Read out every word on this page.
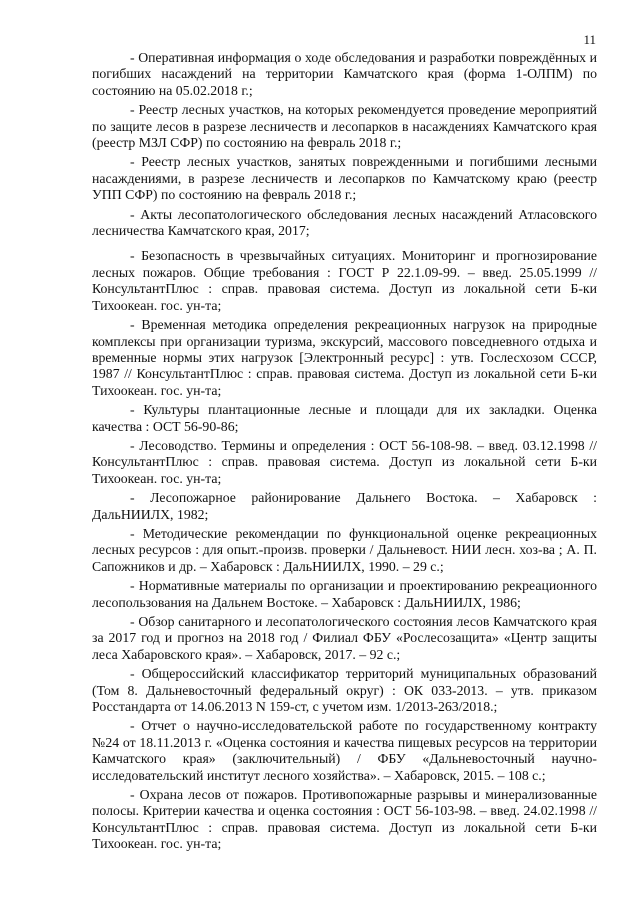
11

- Оперативная информация о ходе обследования и разработки повреждённых и погибших насаждений на территории Камчатского края (форма 1-ОЛПМ) по состоянию на 05.02.2018 г.;

- Реестр лесных участков, на которых рекомендуется проведение мероприятий по защите лесов в разрезе лесничеств и лесопарков в насаждениях Камчатского края (реестр МЗЛ СФР) по состоянию на февраль 2018 г.;

- Реестр лесных участков, занятых поврежденными и погибшими лесными насаждениями, в разрезе лесничеств и лесопарков по Камчатскому краю (реестр УПП СФР) по состоянию на февраль 2018 г.;

- Акты лесопатологического обследования лесных насаждений Атласовского лесничества Камчатского края, 2017;

- Безопасность в чрезвычайных ситуациях. Мониторинг и прогнозирование лесных пожаров. Общие требования : ГОСТ Р 22.1.09-99. – введ. 25.05.1999 // КонсультантПлюс : справ. правовая система. Доступ из локальной сети Б-ки Тихоокеан. гос. ун-та;

- Временная методика определения рекреационных нагрузок на природные комплексы при организации туризма, экскурсий, массового повседневного отдыха и временные нормы этих нагрузок [Электронный ресурс] : утв. Гослесхозом СССР, 1987 // КонсультантПлюс : справ. правовая система. Доступ из локальной сети Б-ки Тихоокеан. гос. ун-та;

- Культуры плантационные лесные и площади для их закладки. Оценка качества : ОСТ 56-90-86;

- Лесоводство. Термины и определения : ОСТ 56-108-98. – введ. 03.12.1998 // КонсультантПлюс : справ. правовая система. Доступ из локальной сети Б-ки Тихоокеан. гос. ун-та;

- Лесопожарное районирование Дальнего Востока. – Хабаровск : ДальНИИЛХ, 1982;

- Методические рекомендации по функциональной оценке рекреационных лесных ресурсов : для опыт.-произв. проверки / Дальневост. НИИ лесн. хоз-ва ; А. П. Сапожников и др. – Хабаровск : ДальНИИЛХ, 1990. – 29 с.;

- Нормативные материалы по организации и проектированию рекреационного лесопользования на Дальнем Востоке. – Хабаровск : ДальНИИЛХ, 1986;

- Обзор санитарного и лесопатологического состояния лесов Камчатского края за 2017 год и прогноз на 2018 год / Филиал ФБУ «Рослесозащита» «Центр защиты леса Хабаровского края». – Хабаровск, 2017. – 92 с.;

- Общероссийский классификатор территорий муниципальных образований (Том 8. Дальневосточный федеральный округ) : ОК 033-2013. – утв. приказом Росстандарта от 14.06.2013 N 159-ст, с учетом изм. 1/2013-263/2018.;

- Отчет о научно-исследовательской работе по государственному контракту №24 от 18.11.2013 г. «Оценка состояния и качества пищевых ресурсов на территории Камчатского края» (заключительный) / ФБУ «Дальневосточный научно-исследовательский институт лесного хозяйства». – Хабаровск, 2015. – 108 с.;

- Охрана лесов от пожаров. Противопожарные разрывы и минерализованные полосы. Критерии качества и оценка состояния : ОСТ 56-103-98. – введ. 24.02.1998 // КонсультантПлюс : справ. правовая система. Доступ из локальной сети Б-ки Тихоокеан. гос. ун-та;
